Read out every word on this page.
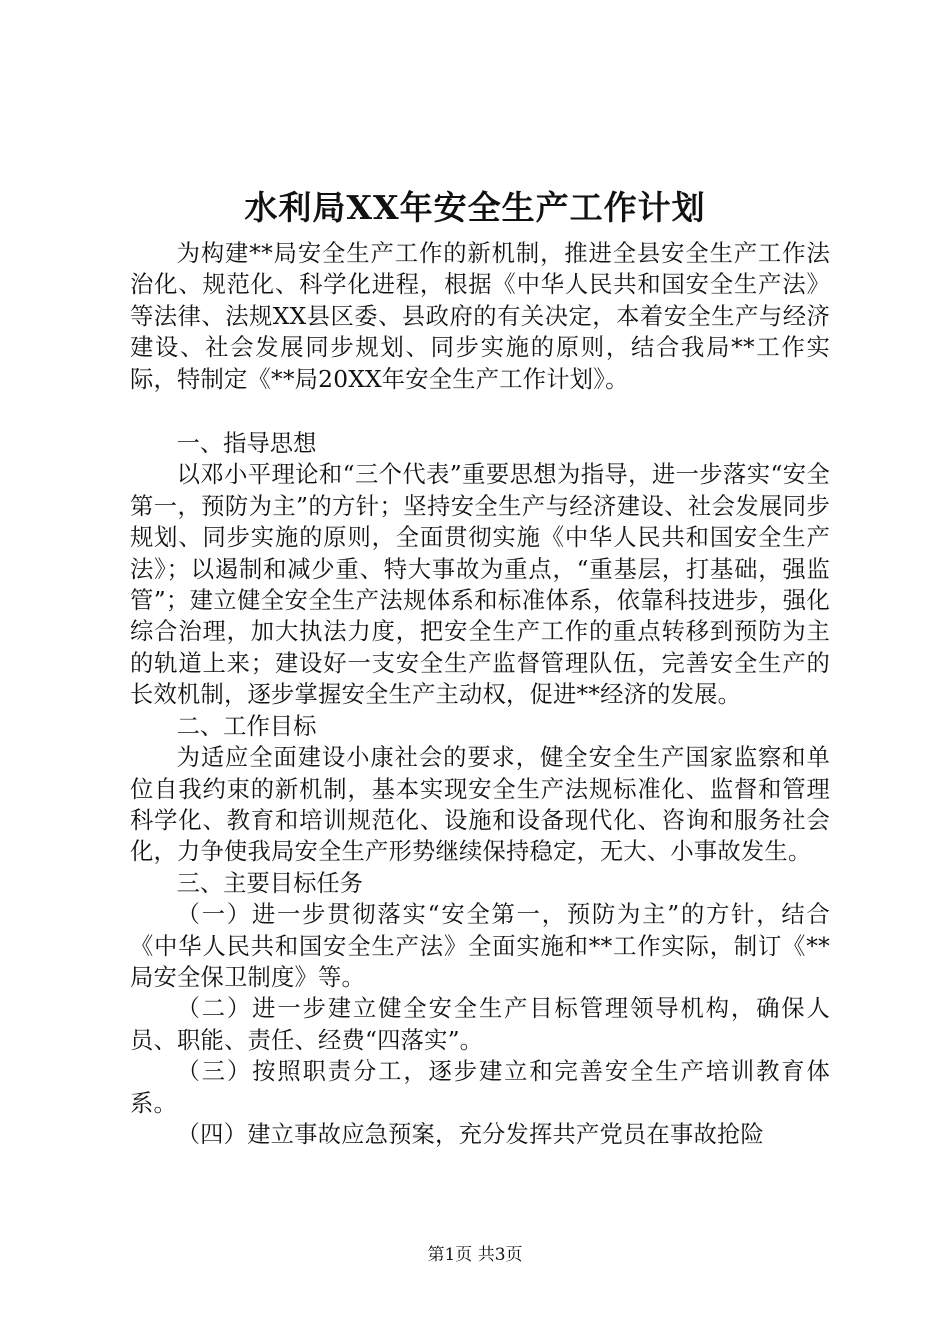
水利局XX年安全生产工作计划

为构建**局安全生产工作的新机制，推进全县安全生产工作法治化、规范化、科学化进程，根据《中华人民共和国安全生产法》等法律、法规XX县区委、县政府的有关决定，本着安全生产与经济建设、社会发展同步规划、同步实施的原则，结合我局**工作实际，特制定《**局20XX年安全生产工作计划》。

一、指导思想

以邓小平理论和“三个代表”重要思想为指导，进一步落实“安全第一，预防为主”的方针；坚持安全生产与经济建设、社会发展同步规划、同步实施的原则，全面贯彻实施《中华人民共和国安全生产法》；以遏制和减少重、特大事故为重点，“重基层，打基础，强监管”；建立健全安全生产法规体系和标准体系，依靠科技进步，强化综合治理，加大执法力度，把安全生产工作的重点转移到预防为主的轨道上来；建设好一支安全生产监督管理队伍，完善安全生产的长效机制，逐步掌握安全生产主动权，促进**经济的发展。

二、工作目标

为适应全面建设小康社会的要求，健全安全生产国家监察和单位自我约束的新机制，基本实现安全生产法规标准化、监督和管理科学化、教育和培训规范化、设施和设备现代化、咨询和服务社会化，力争使我局安全生产形势继续保持稳定，无大、小事故发生。

三、主要目标任务

（一）进一步贯彻落实“安全第一，预防为主”的方针，结合《中华人民共和国安全生产法》全面实施和**工作实际，制订《**局安全保卫制度》等。

（二）进一步建立健全安全生产目标管理领导机构，确保人员、职能、责任、经费“四落实”。

（三）按照职责分工，逐步建立和完善安全生产培训教育体系。

（四）建立事故应急预案，充分发挥共产党员在事故抢险

第1页 共3页
